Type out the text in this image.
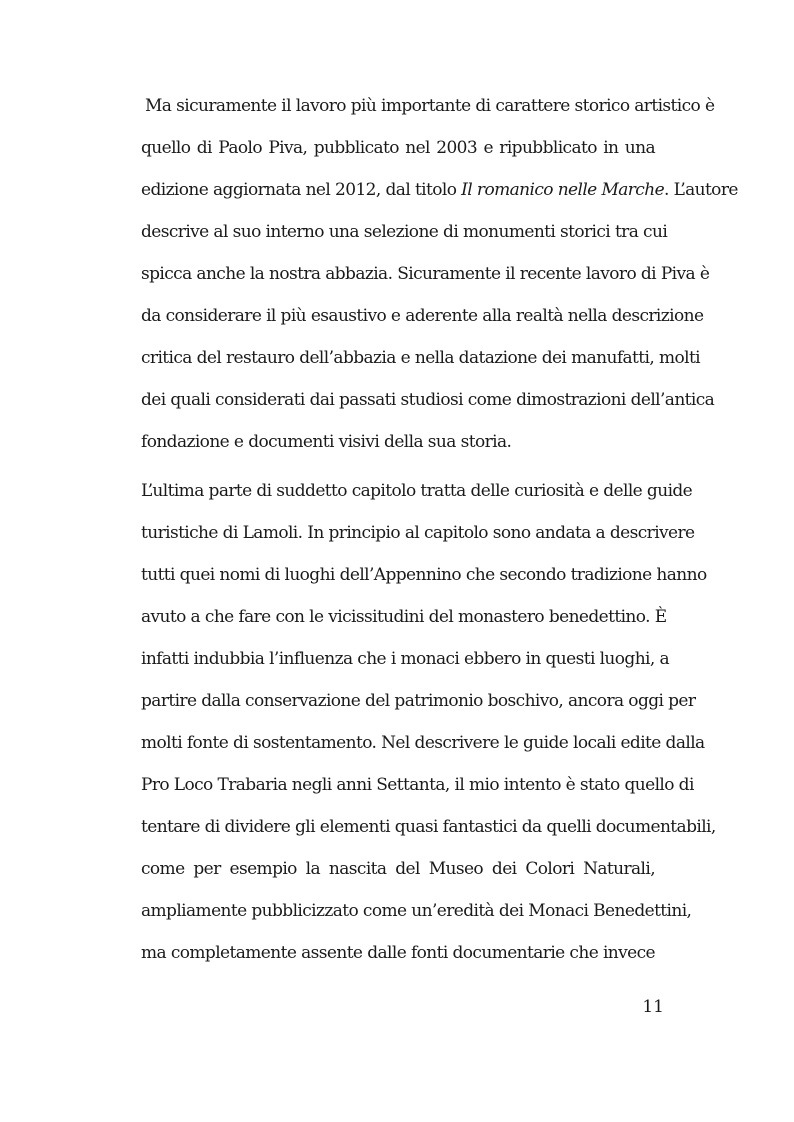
Ma sicuramente il lavoro più importante di carattere storico artistico è
quello di Paolo Piva, pubblicato nel 2003 e ripubblicato in una
edizione aggiornata nel 2012, dal titolo Il romanico nelle Marche. L’autore
descrive al suo interno una selezione di monumenti storici tra cui
spicca anche la nostra abbazia. Sicuramente il recente lavoro di Piva è
da considerare il più esaustivo e aderente alla realtà nella descrizione
critica del restauro dell’abbazia e nella datazione dei manufatti, molti
dei quali considerati dai passati studiosi come dimostrazioni dell’antica
fondazione e documenti visivi della sua storia.
L’ultima parte di suddetto capitolo tratta delle curiosità e delle guide
turistiche di Lamoli. In principio al capitolo sono andata a descrivere
tutti quei nomi di luoghi dell’Appennino che secondo tradizione hanno
avuto a che fare con le vicissitudini del monastero benedettino. È
infatti indubbia l’influenza che i monaci ebbero in questi luoghi, a
partire dalla conservazione del patrimonio boschivo, ancora oggi per
molti fonte di sostentamento. Nel descrivere le guide locali edite dalla
Pro Loco Trabaria negli anni Settanta, il mio intento è stato quello di
tentare di dividere gli elementi quasi fantastici da quelli documentabili,
come per esempio la nascita del Museo dei Colori Naturali,
ampliamente pubblicizzato come un’eredità dei Monaci Benedettini,
ma completamente assente dalle fonti documentarie che invece
11
